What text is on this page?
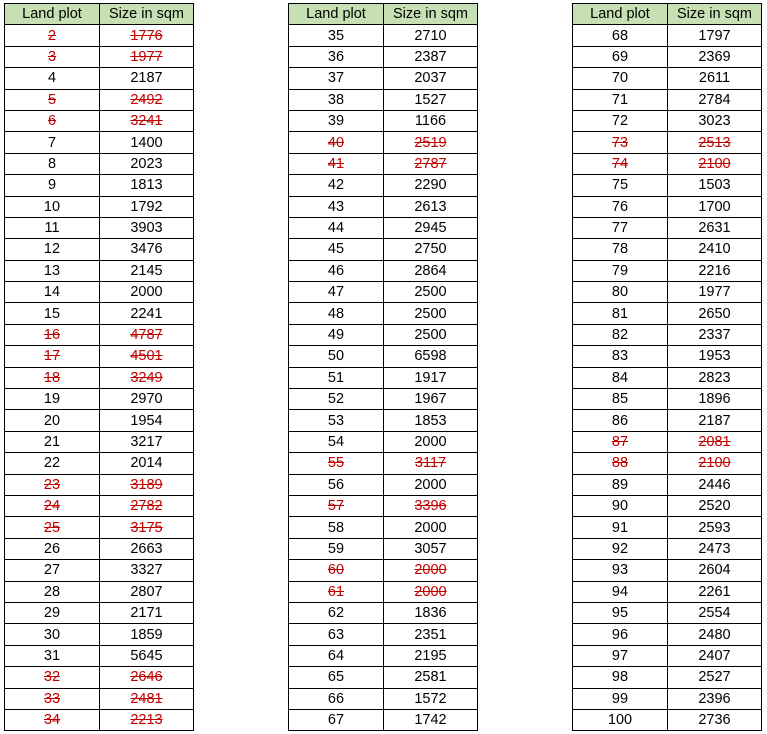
Land plot	Size in sqm
2	1776
3	1977
4	2187
5	2492
6	3241
7	1400
8	2023
9	1813
10	1792
11	3903
12	3476
13	2145
14	2000
15	2241
16	4787
17	4501
18	3249
19	2970
20	1954
21	3217
22	2014
23	3189
24	2782
25	3175
26	2663
27	3327
28	2807
29	2171
30	1859
31	5645
32	2646
33	2481
34	2213
Land plot	Size in sqm
35	2710
36	2387
37	2037
38	1527
39	1166
40	2519
41	2787
42	2290
43	2613
44	2945
45	2750
46	2864
47	2500
48	2500
49	2500
50	6598
51	1917
52	1967
53	1853
54	2000
55	3117
56	2000
57	3396
58	2000
59	3057
60	2000
61	2000
62	1836
63	2351
64	2195
65	2581
66	1572
67	1742
Land plot	Size in sqm
68	1797
69	2369
70	2611
71	2784
72	3023
73	2513
74	2100
75	1503
76	1700
77	2631
78	2410
79	2216
80	1977
81	2650
82	2337
83	1953
84	2823
85	1896
86	2187
87	2081
88	2100
89	2446
90	2520
91	2593
92	2473
93	2604
94	2261
95	2554
96	2480
97	2407
98	2527
99	2396
100	2736
